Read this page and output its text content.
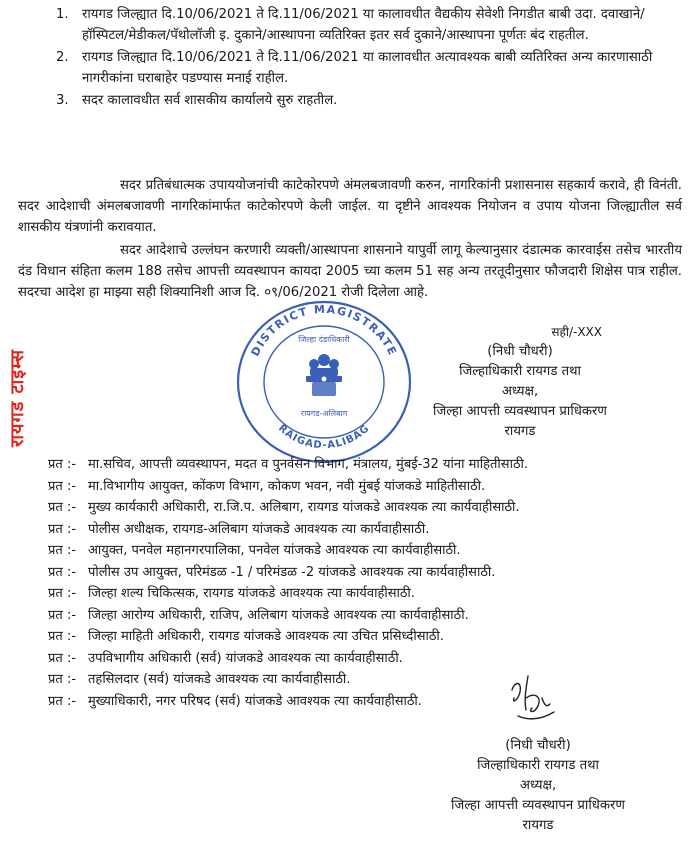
1. रायगड जिल्ह्यात दि.10/06/2021 ते दि.11/06/2021 या कालावधीत वैद्यकीय सेवेशी निगडीत बाबी उदा. दवाखाने/हॉस्पिटल/मेडीकल/पॅथोलॉजी इ. दुकाने/आस्थापना व्यतिरिक्त इतर सर्व दुकाने/आस्थापना पूर्णतः बंद राहतील.
2. रायगड जिल्ह्यात दि.10/06/2021 ते दि.11/06/2021 या कालावधीत अत्यावश्यक बाबी व्यतिरिक्त अन्य कारणासाठी नागरीकांना घराबाहेर पडण्यास मनाई राहील.
3. सदर कालावधीत सर्व शासकीय कार्यालये सुरु राहतील.

सदर प्रतिबंधात्मक उपाययोजनांची काटेकोरपणे अंमलबजावणी करुन, नागरिकांनी प्रशासनास सहकार्य करावे, ही विनंती. सदर आदेशाची अंमलबजावणी नागरिकांमार्फत काटेकोरपणे केली जाईल. या दृष्टीने आवश्यक नियोजन व उपाय योजना जिल्ह्यातील सर्व शासकीय यंत्रणांनी करावयात.

सदर आदेशाचे उल्लंघन करणारी व्यक्ती/आस्थापना शासनाने यापुर्वी लागू केल्यानुसार दंडात्मक कारवाईस तसेच भारतीय दंड विधान संहिता कलम 188 तसेच आपत्ती व्यवस्थापन कायदा 2005 च्या कलम 51 सह अन्य तरतूदीनुसार फौजदारी शिक्षेस पात्र राहील. सदरचा आदेश हा माझ्या सही शिक्यानिशी आज दि. ०९/06/2021 रोजी दिलेला आहे.

रायगड टाइम्स	DISTRICT MAGISTRATE
जिल्हा दंडाधिकारी
रायगड-अलिबाग
RAIGAD-ALIBAG
सही/-XXX
(निधी चौधरी)
जिल्हाधिकारी रायगड तथा
अध्यक्ष,
जिल्हा आपत्ती व्यवस्थापन प्राधिकरण
रायगड
प्रत :- मा.सचिव, आपत्ती व्यवस्थापन, मदत व पुनर्वसन विभाग, मंत्रालय, मुंबई-32 यांना माहितीसाठी.
प्रत :- मा.विभागीय आयुक्त, कोंकण विभाग, कोकण भवन, नवी मुंबई यांजकडे माहितीसाठी.
प्रत :- मुख्य कार्यकारी अधिकारी, रा.जि.प. अलिबाग, रायगड यांजकडे आवश्यक त्या कार्यवाहीसाठी.
प्रत :- पोलीस अधीक्षक, रायगड-अलिबाग यांजकडे आवश्यक त्या कार्यवाहीसाठी.
प्रत :- आयुक्त, पनवेल महानगरपालिका, पनवेल यांजकडे आवश्यक त्या कार्यवाहीसाठी.
प्रत :- पोलीस उप आयुक्त, परिमंडळ -1 / परिमंडळ -2 यांजकडे आवश्यक त्या कार्यवाहीसाठी.
प्रत :- जिल्हा शल्य चिकित्सक, रायगड यांजकडे आवश्यक त्या कार्यवाहीसाठी.
प्रत :- जिल्हा आरोग्य अधिकारी, राजिप, अलिबाग यांजकडे आवश्यक त्या कार्यवाहीसाठी.
प्रत :- जिल्हा माहिती अधिकारी, रायगड यांजकडे आवश्यक त्या उचित प्रसिध्दीसाठी.
प्रत :- उपविभागीय अधिकारी (सर्व) यांजकडे आवश्यक त्या कार्यवाहीसाठी.
प्रत :- तहसिलदार (सर्व) यांजकडे आवश्यक त्या कार्यवाहीसाठी.
प्रत :- मुख्याधिकारी, नगर परिषद (सर्व) यांजकडे आवश्यक त्या कार्यवाहीसाठी.
(निधी चौधरी)
जिल्हाधिकारी रायगड तथा
अध्यक्ष,
जिल्हा आपत्ती व्यवस्थापन प्राधिकरण
रायगड
